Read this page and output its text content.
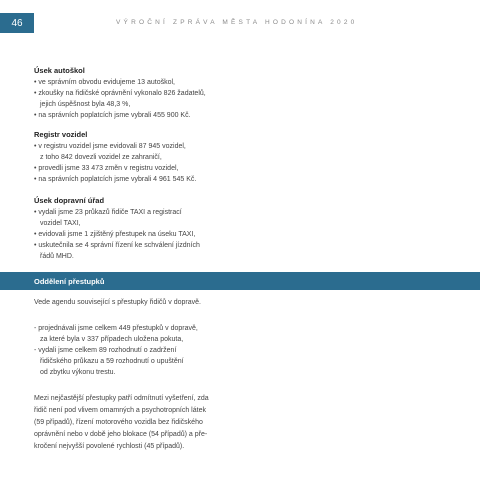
46	VÝROČNÍ ZPRÁVA MĚSTA HODONÍNA 2020
Úsek autoškol
• ve správním obvodu evidujeme 13 autoškol,
• zkoušky na řidičské oprávnění vykonalo 826 žadatelů,
jejich úspěšnost byla 48,3 %,
• na správních poplatcích jsme vybrali 455 900 Kč.
Registr vozidel
• v registru vozidel jsme evidovali 87 945 vozidel,
z toho 842 dovezli vozidel ze zahraničí,
• provedli jsme 33 473 změn v registru vozidel,
• na správních poplatcích jsme vybrali 4 961 545 Kč.
Úsek dopravní úřad
• vydali jsme 23 průkazů řidiče TAXI a registrací
vozidel TAXI,
• evidovali jsme 1 zjištěný přestupek na úseku TAXI,
• uskutečnila se 4 správní řízení ke schválení jízdních
řádů MHD.
Oddělení přestupků
Vede agendu související s přestupky řidičů v dopravě.
- projednávali jsme celkem 449 přestupků v dopravě,
za které byla v 337 případech uložena pokuta,
- vydali jsme celkem 89 rozhodnutí o zadržení
řidičského průkazu a 59 rozhodnutí o upuštění
od zbytku výkonu trestu.
Mezi nejčastější přestupky patří odmítnutí vyšetření, zda
řidič není pod vlivem omamných a psychotropních látek
(59 případů), řízení motorového vozidla bez řidičského
oprávnění nebo v době jeho blokace (54 případů) a pře-
kročení nejvyšší povolené rychlosti (45 případů).
